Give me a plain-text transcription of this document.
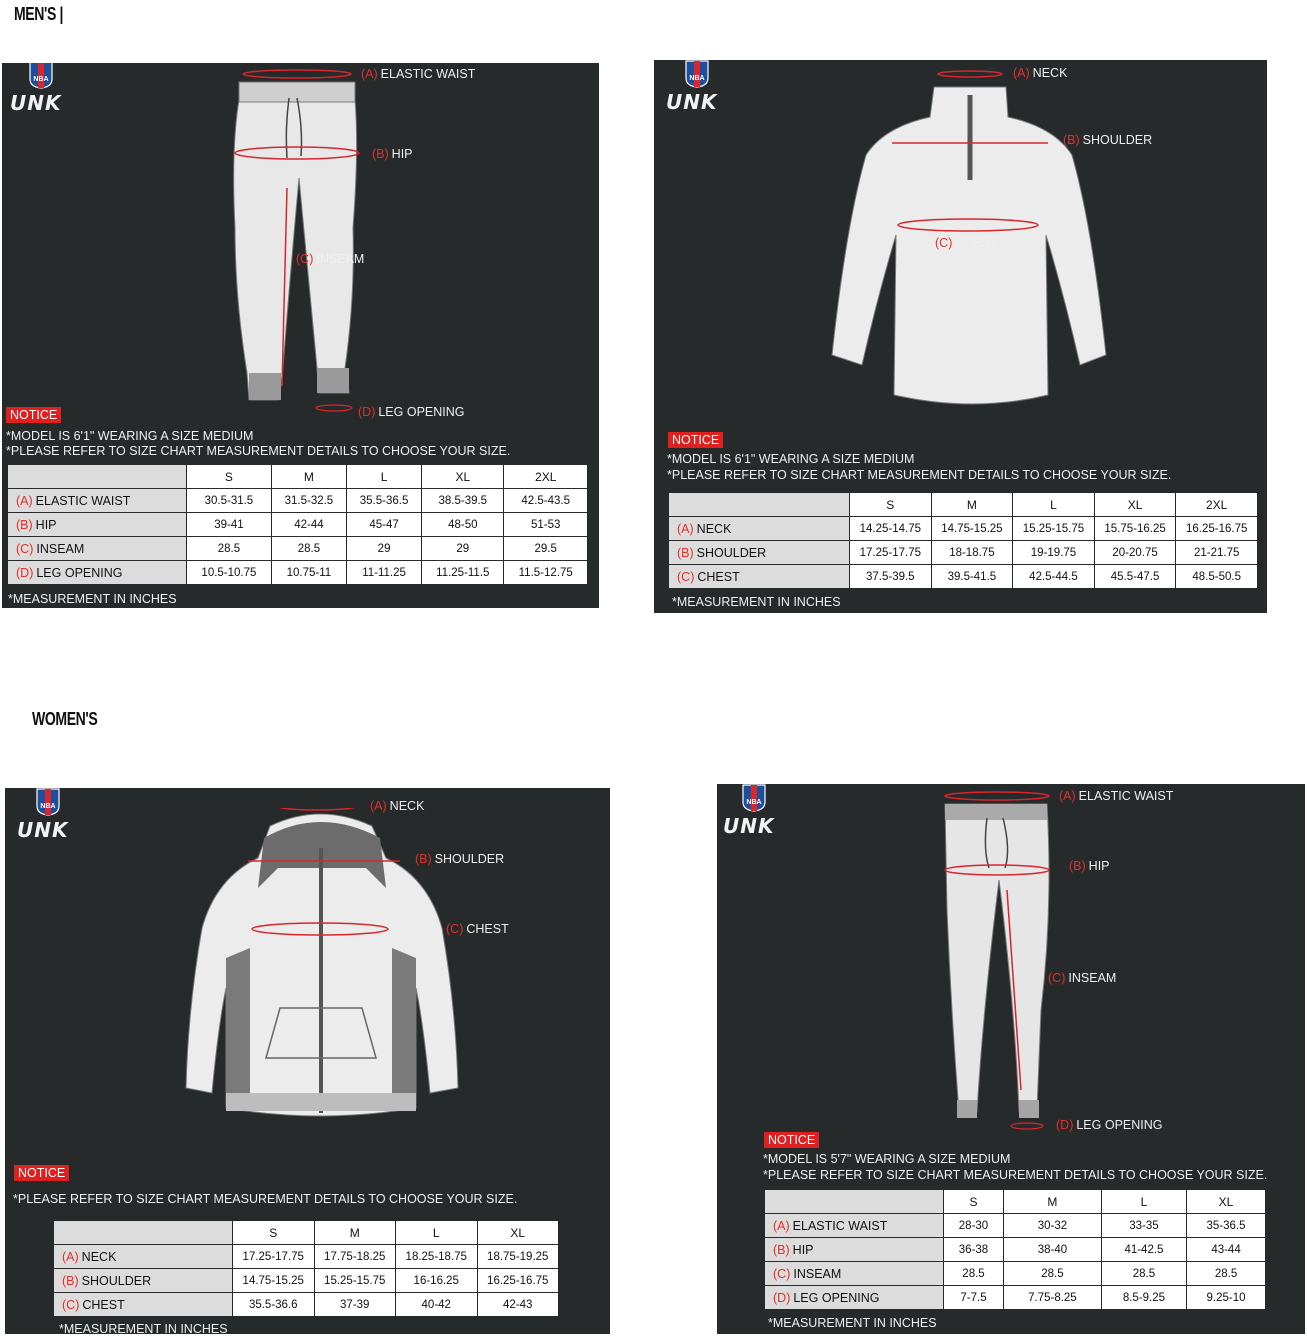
MEN'S |
WOMEN'S
NBA
UNK
(A) ELASTIC WAIST
(B) HIP
(C) INSEAM
(D) LEG OPENING
NOTICE
*MODEL IS 6'1" WEARING A SIZE MEDIUM
*PLEASE REFER TO SIZE CHART MEASUREMENT DETAILS TO CHOOSE YOUR SIZE.
	S	M	L	XL	2XL
(A) ELASTIC WAIST	30.5-31.5	31.5-32.5	35.5-36.5	38.5-39.5	42.5-43.5
(B) HIP	39-41	42-44	45-47	48-50	51-53
(C) INSEAM	28.5	28.5	29	29	29.5
(D) LEG OPENING	10.5-10.75	10.75-11	11-11.25	11.25-11.5	11.5-12.75
*MEASUREMENT IN INCHES
NBA
UNK
(A) NECK
(B) SHOULDER
(C) CHEST
NOTICE
*MODEL IS 6'1" WEARING A SIZE MEDIUM
*PLEASE REFER TO SIZE CHART MEASUREMENT DETAILS TO CHOOSE YOUR SIZE.
	S	M	L	XL	2XL
(A) NECK	14.25-14.75	14.75-15.25	15.25-15.75	15.75-16.25	16.25-16.75
(B) SHOULDER	17.25-17.75	18-18.75	19-19.75	20-20.75	21-21.75
(C) CHEST	37.5-39.5	39.5-41.5	42.5-44.5	45.5-47.5	48.5-50.5
*MEASUREMENT IN INCHES
NBA
UNK
(A) NECK
(B) SHOULDER
(C) CHEST
NOTICE
*PLEASE REFER TO SIZE CHART MEASUREMENT DETAILS TO CHOOSE YOUR SIZE.
	S	M	L	XL
(A) NECK	17.25-17.75	17.75-18.25	18.25-18.75	18.75-19.25
(B) SHOULDER	14.75-15.25	15.25-15.75	16-16.25	16.25-16.75
(C) CHEST	35.5-36.6	37-39	40-42	42-43
*MEASUREMENT IN INCHES
NBA
UNK
(A) ELASTIC WAIST
(B) HIP
(C) INSEAM
(D) LEG OPENING
NOTICE
*MODEL IS 5'7" WEARING A SIZE MEDIUM
*PLEASE REFER TO SIZE CHART MEASUREMENT DETAILS TO CHOOSE YOUR SIZE.
	S	M	L	XL
(A) ELASTIC WAIST	28-30	30-32	33-35	35-36.5
(B) HIP	36-38	38-40	41-42.5	43-44
(C) INSEAM	28.5	28.5	28.5	28.5
(D) LEG OPENING	7-7.5	7.75-8.25	8.5-9.25	9.25-10
*MEASUREMENT IN INCHES
